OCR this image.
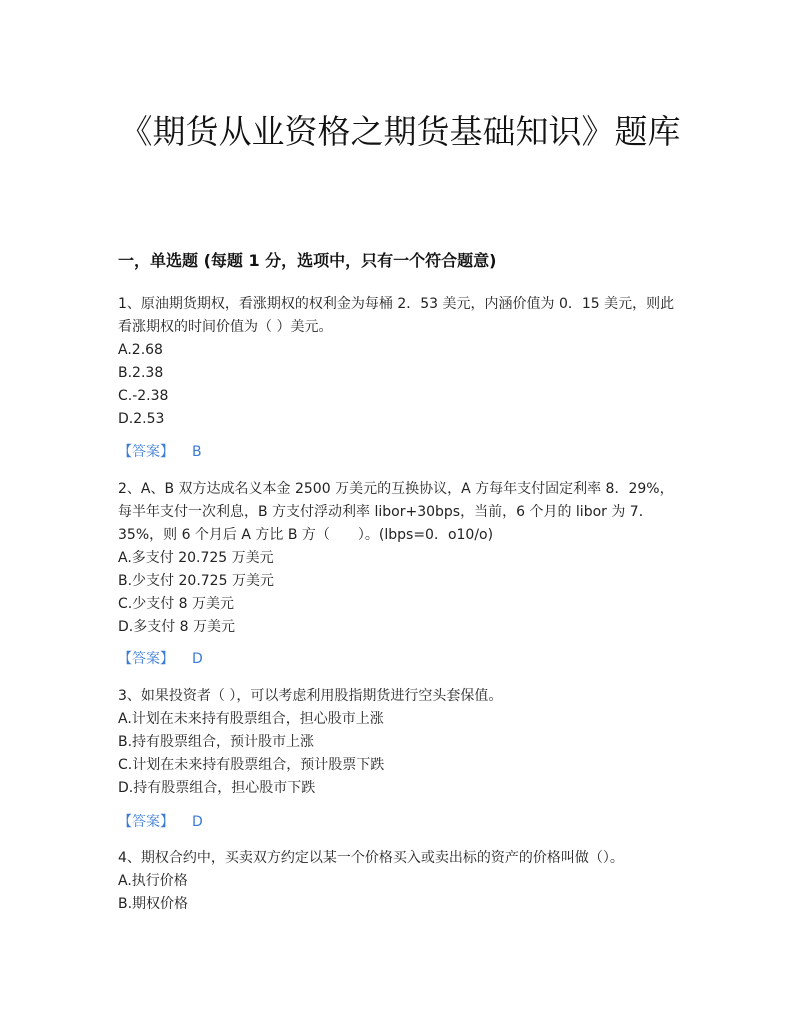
《期货从业资格之期货基础知识》题库
一，单选题 (每题 1 分，选项中，只有一个符合题意)

1、原油期货期权，看涨期权的权利金为每桶 2．53 美元，内涵价值为 0．15 美元，则此看涨期权的时间价值为（ ）美元。

A.2.68

B.2.38

C.-2.38

D.2.53

【答案】 B

2、A、B 双方达成名义本金 2500 万美元的互换协议，A 方每年支付固定利率 8．29%，每半年支付一次利息，B 方支付浮动利率 libor+30bps，当前，6 个月的 libor 为 7．35%，则 6 个月后 A 方比 B 方（　　）。(lbps=0．o10/o)

A.多支付 20.725 万美元

B.少支付 20.725 万美元

C.少支付 8 万美元

D.多支付 8 万美元

【答案】 D

3、如果投资者（ ），可以考虑利用股指期货进行空头套保值。

A.计划在未来持有股票组合，担心股市上涨

B.持有股票组合，预计股市上涨

C.计划在未来持有股票组合，预计股票下跌

D.持有股票组合，担心股市下跌

【答案】 D

4、期权合约中，买卖双方约定以某一个价格买入或卖出标的资产的价格叫做（）。

A.执行价格

B.期权价格
